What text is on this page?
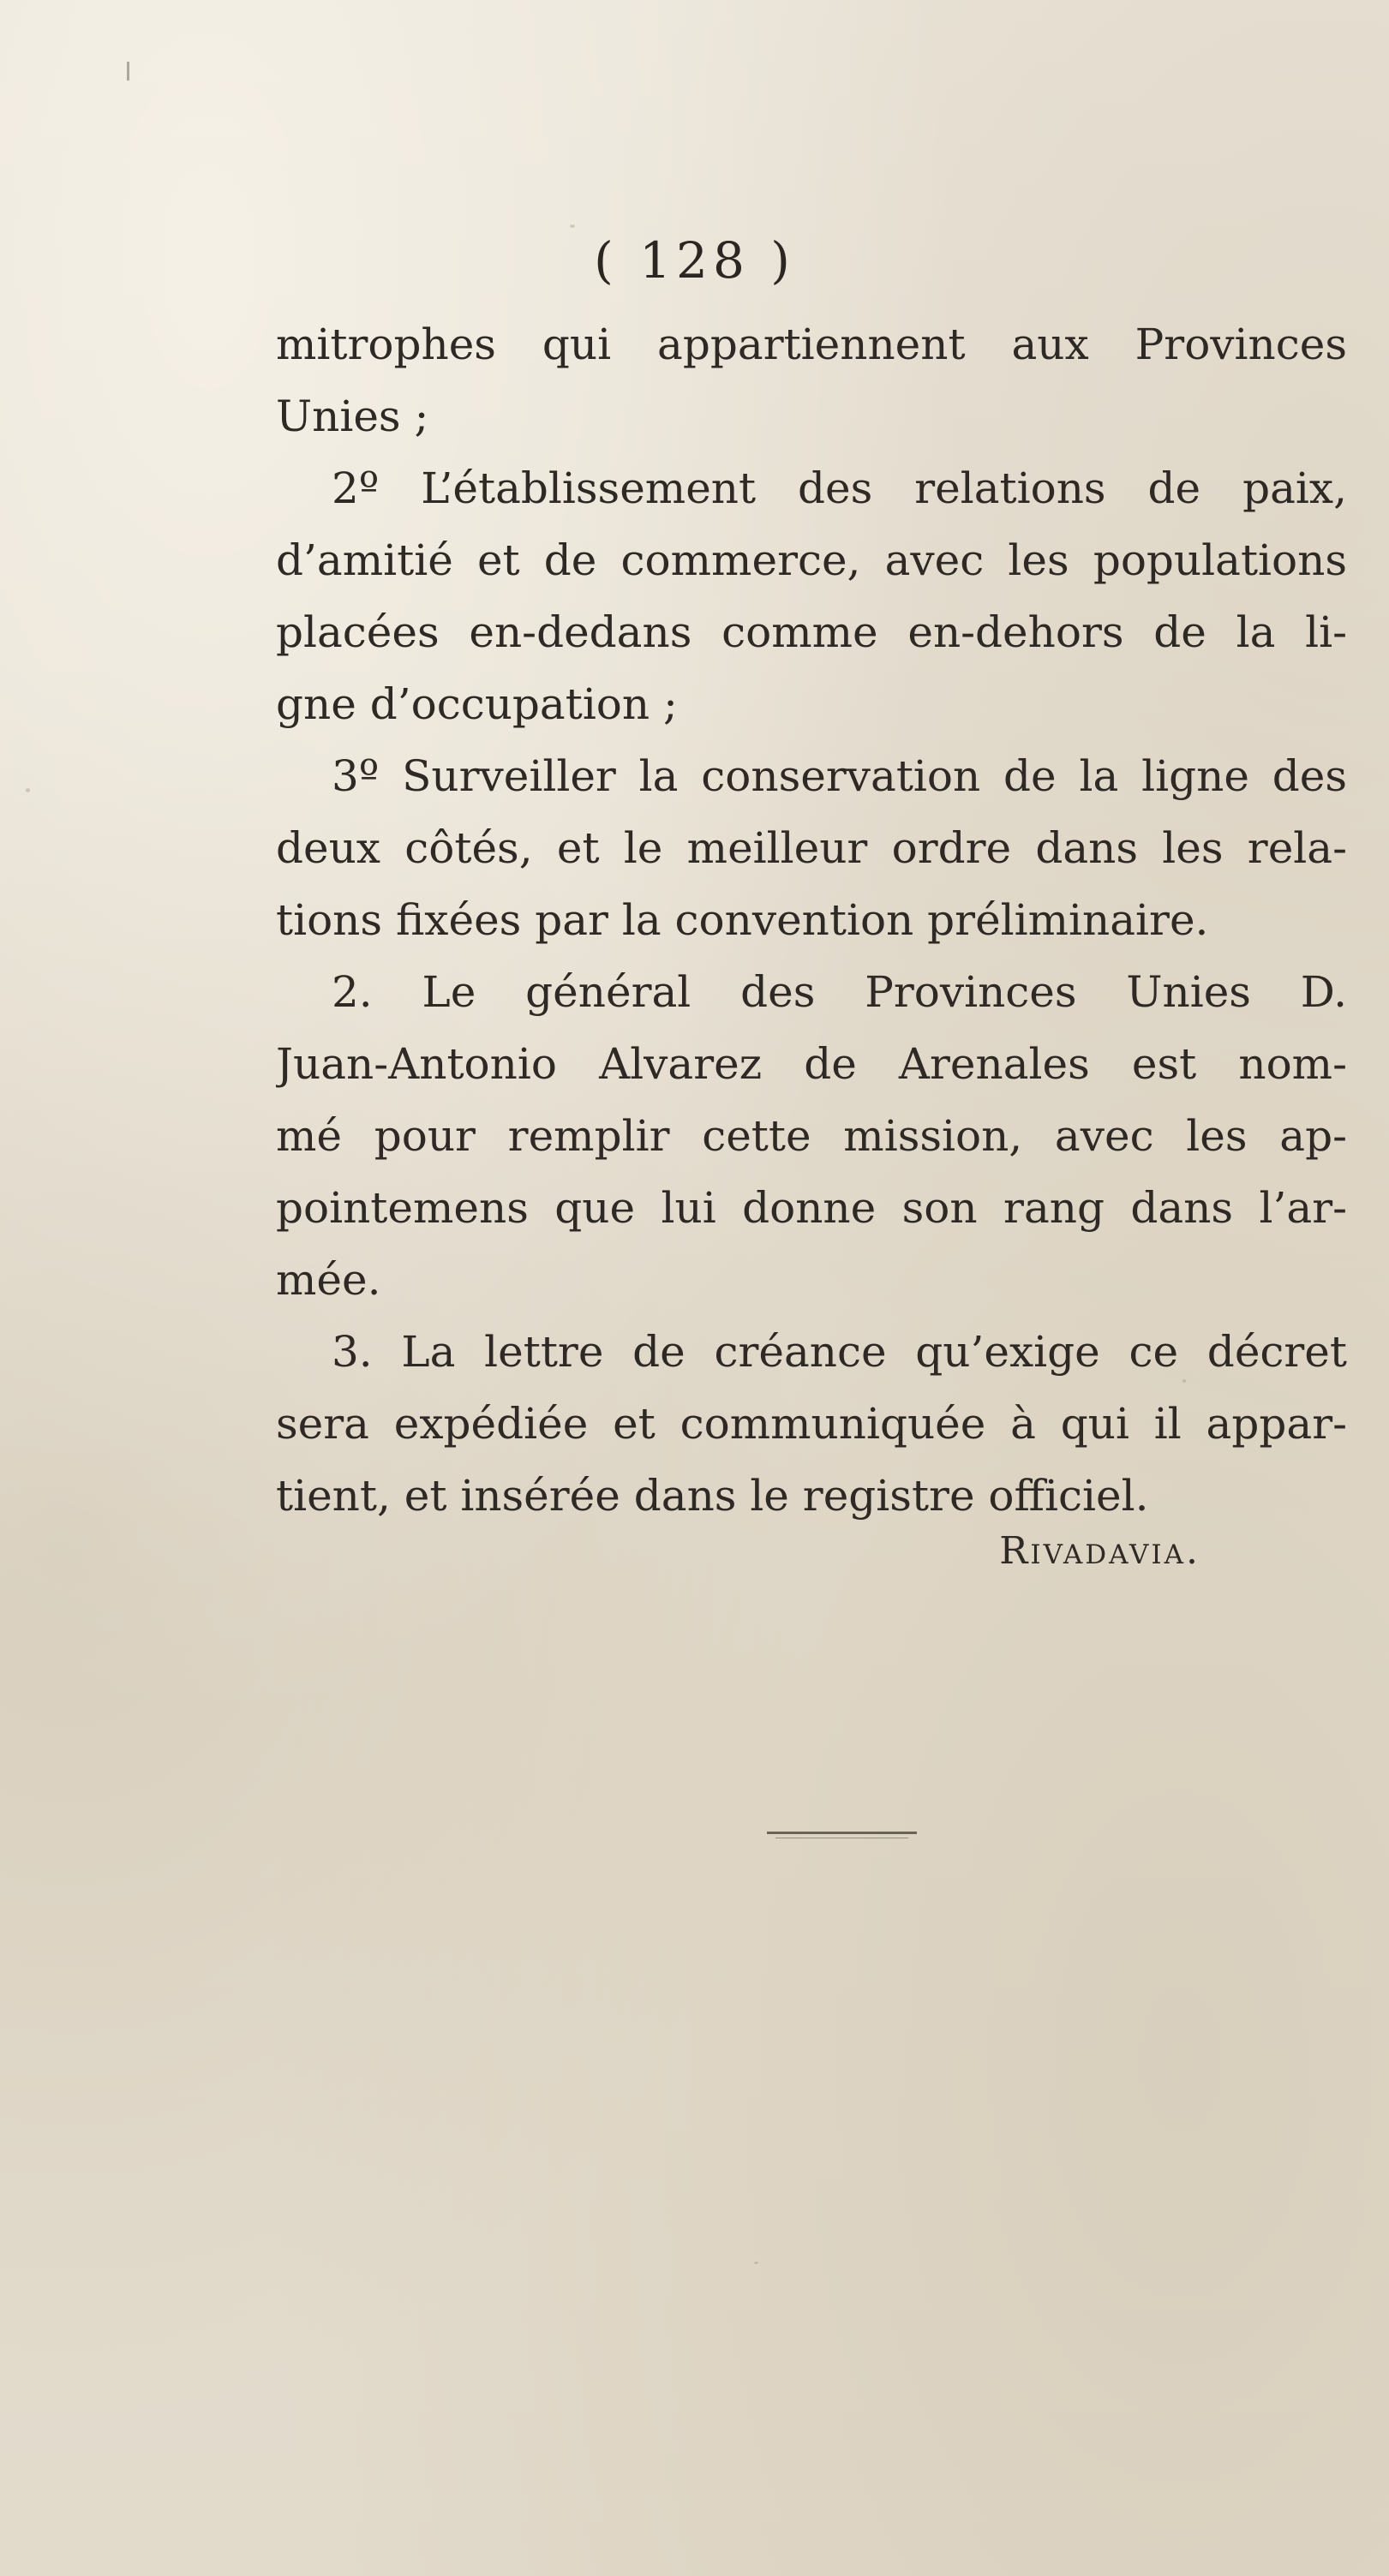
( 128 )
mitrophes qui appartiennent aux Provinces
Unies ;
2º L’établissement des relations de paix,
d’amitié et de commerce, avec les populations
placées en-dedans comme en-dehors de la li-
gne d’occupation ;
3º Surveiller la conservation de la ligne des
deux côtés, et le meilleur ordre dans les rela-
tions fixées par la convention préliminaire.
2. Le général des Provinces Unies D.
Juan-Antonio Alvarez de Arenales est nom-
mé pour remplir cette mission, avec les ap-
pointemens que lui donne son rang dans l’ar-
mée.
3. La lettre de créance qu’exige ce décret
sera expédiée et communiquée à qui il appar-
tient, et insérée dans le registre officiel.
Rivadavia.
